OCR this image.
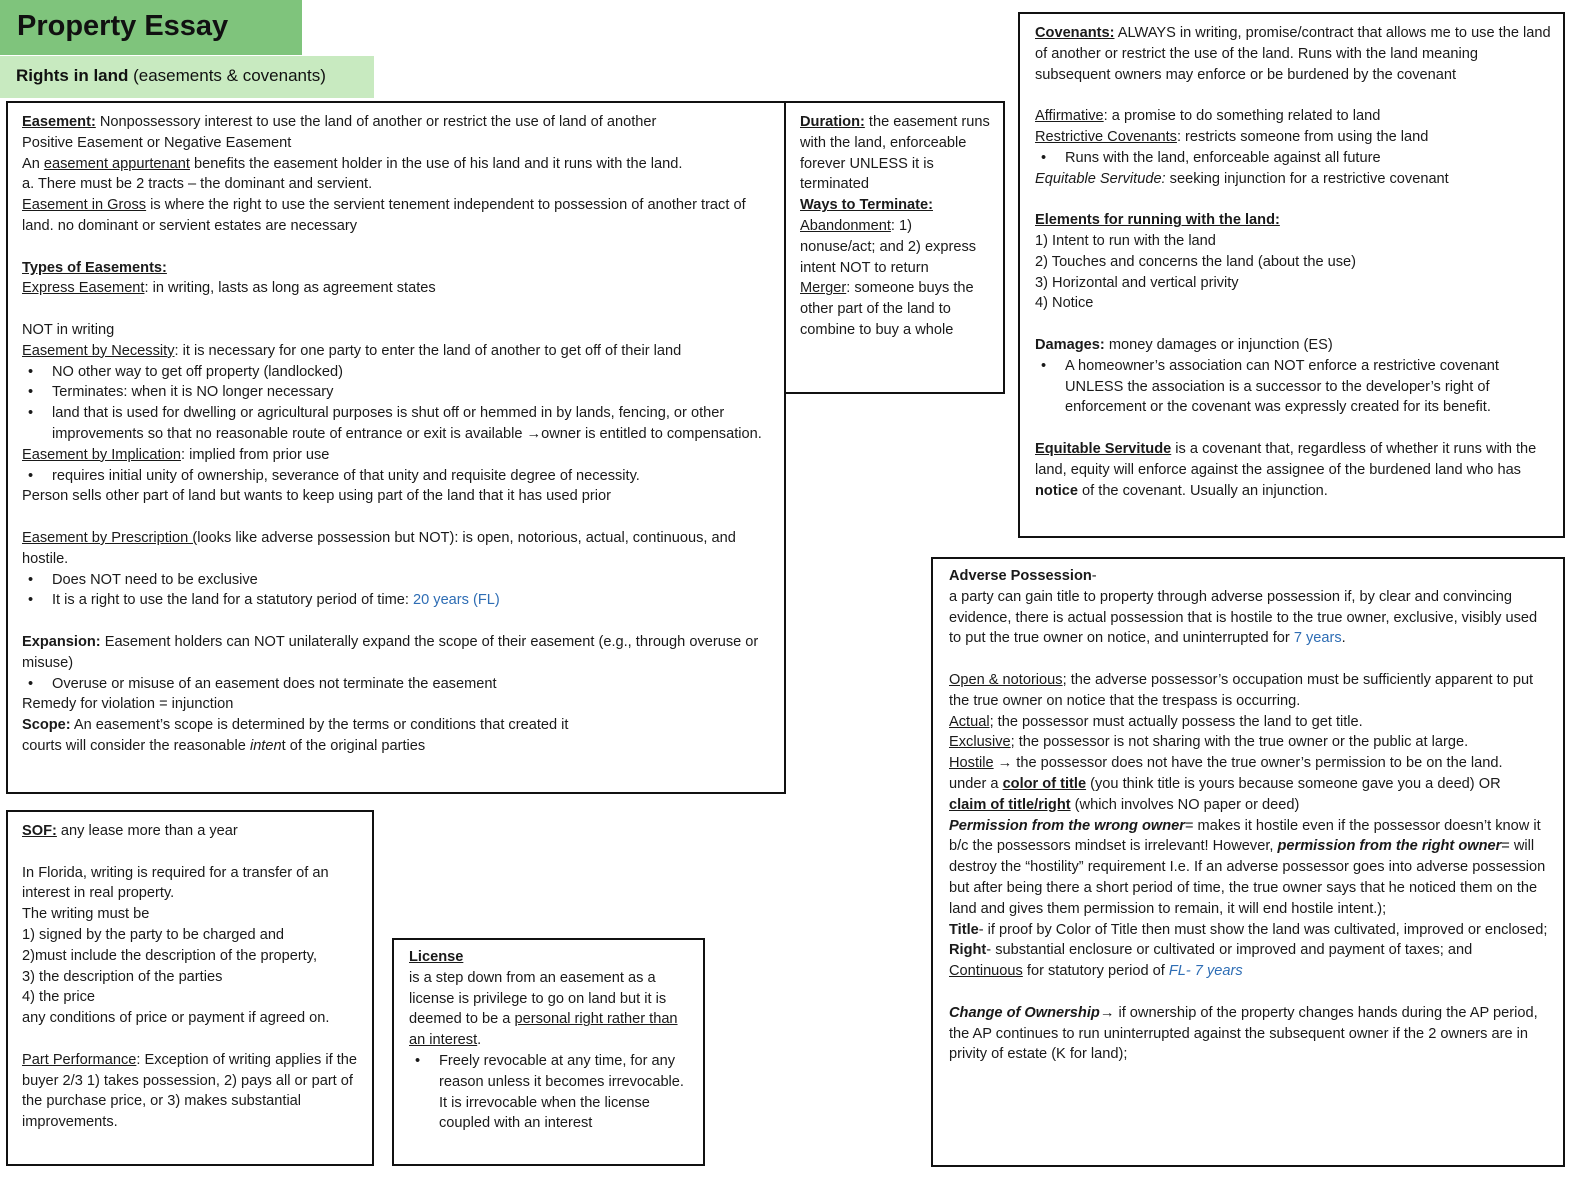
Property Essay
Rights in land (easements & covenants)

Easement: Nonpossessory interest to use the land of another or restrict the use of land of another

Positive Easement or Negative Easement

An easement appurtenant benefits the easement holder in the use of his land and it runs with the land.

a. There must be 2 tracts – the dominant and servient.

Easement in Gross is where the right to use the servient tenement independent to possession of another tract of land. no dominant or servient estates are necessary

Types of Easements:

Express Easement: in writing, lasts as long as agreement states

NOT in writing

Easement by Necessity: it is necessary for one party to enter the land of another to get off of their land

• NO other way to get off property (landlocked)
• Terminates: when it is NO longer necessary
• land that is used for dwelling or agricultural purposes is shut off or hemmed in by lands, fencing, or other improvements so that no reasonable route of entrance or exit is available →owner is entitled to compensation.

Easement by Implication: implied from prior use

• requires initial unity of ownership, severance of that unity and requisite degree of necessity.

Person sells other part of land but wants to keep using part of the land that it has used prior

Easement by Prescription (looks like adverse possession but NOT): is open, notorious, actual, continuous, and hostile.

• Does NOT need to be exclusive
• It is a right to use the land for a statutory period of time: 20 years (FL)

Expansion: Easement holders can NOT unilaterally expand the scope of their easement (e.g., through overuse or misuse)

• Overuse or misuse of an easement does not terminate the easement

Remedy for violation = injunction

Scope: An easement’s scope is determined by the terms or conditions that created it

courts will consider the reasonable intent of the original parties

Duration: the easement runs with the land, enforceable forever UNLESS it is terminated

Ways to Terminate:

Abandonment: 1) nonuse/act; and 2) express intent NOT to return

Merger: someone buys the other part of the land to combine to buy a whole

Covenants: ALWAYS in writing, promise/contract that allows me to use the land of another or restrict the use of the land. Runs with the land meaning subsequent owners may enforce or be burdened by the covenant

Affirmative: a promise to do something related to land

Restrictive Covenants: restricts someone from using the land

• Runs with the land, enforceable against all future

Equitable Servitude: seeking injunction for a restrictive covenant

Elements for running with the land:

1) Intent to run with the land

2) Touches and concerns the land (about the use)

3) Horizontal and vertical privity

4) Notice

Damages: money damages or injunction (ES)

• A homeowner’s association can NOT enforce a restrictive covenant UNLESS the association is a successor to the developer’s right of enforcement or the covenant was expressly created for its benefit.

Equitable Servitude is a covenant that, regardless of whether it runs with the land, equity will enforce against the assignee of the burdened land who has notice of the covenant. Usually an injunction.

Adverse Possession-

a party can gain title to property through adverse possession if, by clear and convincing evidence, there is actual possession that is hostile to the true owner, exclusive, visibly used to put the true owner on notice, and uninterrupted for 7 years.

Open & notorious; the adverse possessor’s occupation must be sufficiently apparent to put the true owner on notice that the trespass is occurring.

Actual; the possessor must actually possess the land to get title.

Exclusive; the possessor is not sharing with the true owner or the public at large.

Hostile → the possessor does not have the true owner’s permission to be on the land.

under a color of title (you think title is yours because someone gave you a deed) OR

claim of title/right (which involves NO paper or deed)

Permission from the wrong owner= makes it hostile even if the possessor doesn’t know it b/c the possessors mindset is irrelevant! However, permission from the right owner= will destroy the “hostility” requirement I.e. If an adverse possessor goes into adverse possession but after being there a short period of time, the true owner says that he noticed them on the land and gives them permission to remain, it will end hostile intent.);

Title- if proof by Color of Title then must show the land was cultivated, improved or enclosed; Right- substantial enclosure or cultivated or improved and payment of taxes; and

Continuous for statutory period of FL- 7 years

Change of Ownership→ if ownership of the property changes hands during the AP period, the AP continues to run uninterrupted against the subsequent owner if the 2 owners are in privity of estate (K for land);

SOF: any lease more than a year

In Florida, writing is required for a transfer of an interest in real property.

The writing must be

1) signed by the party to be charged and

2)must include the description of the property,

3) the description of the parties

4) the price

any conditions of price or payment if agreed on.

Part Performance: Exception of writing applies if the buyer 2/3 1) takes possession, 2) pays all or part of the purchase price, or 3) makes substantial improvements.

License

is a step down from an easement as a license is privilege to go on land but it is deemed to be a personal right rather than an interest.

• Freely revocable at any time, for any reason unless it becomes irrevocable. It is irrevocable when the license coupled with an interest
